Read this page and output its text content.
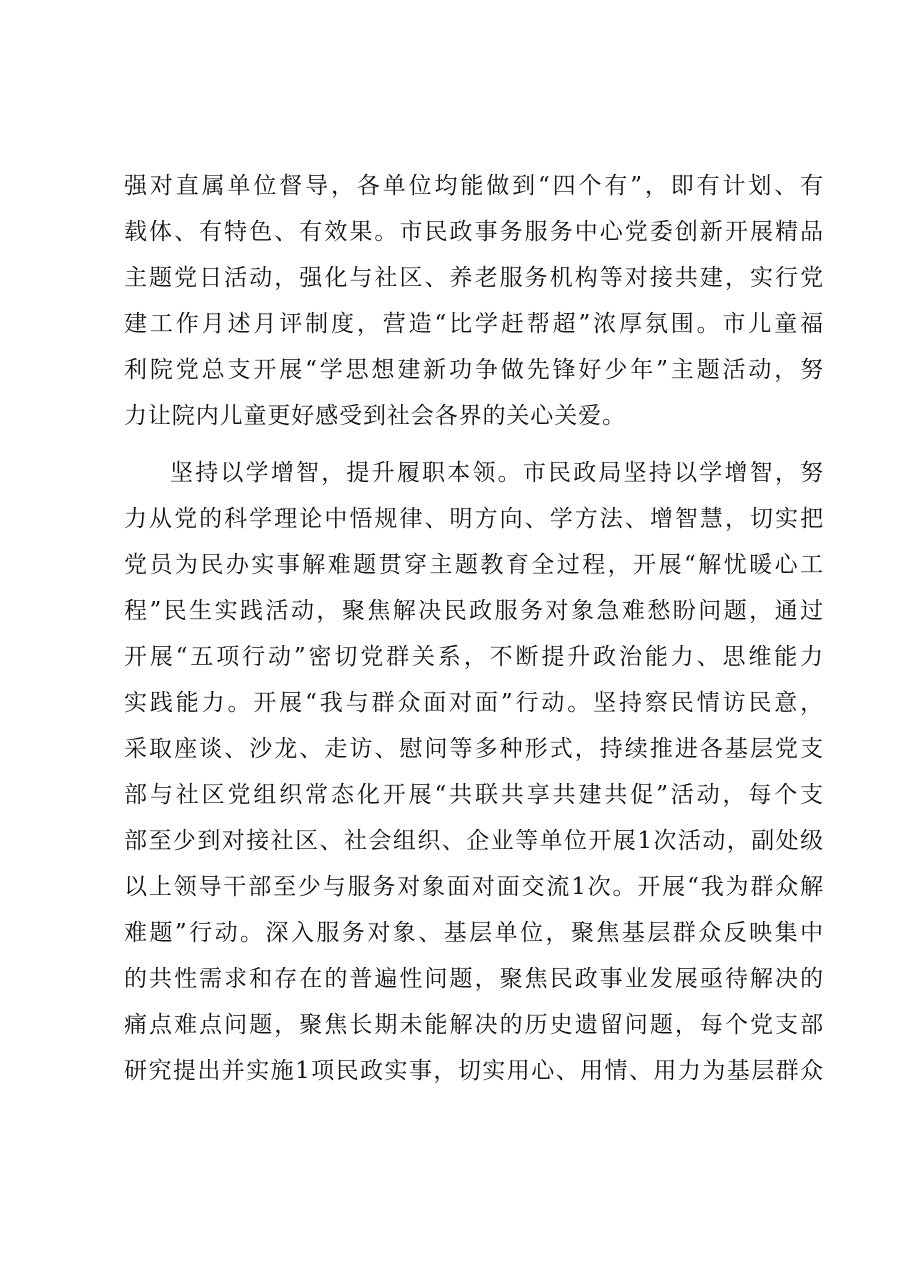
强对直属单位督导，各单位均能做到“四个有”，即有计划、有
载体、有特色、有效果。市民政事务服务中心党委创新开展精品
主题党日活动，强化与社区、养老服务机构等对接共建，实行党
建工作月述月评制度，营造“比学赶帮超”浓厚氛围。市儿童福
利院党总支开展“学思想建新功争做先锋好少年”主题活动，努
力让院内儿童更好感受到社会各界的关心关爱。
坚持以学增智，提升履职本领。市民政局坚持以学增智，努
力从党的科学理论中悟规律、明方向、学方法、增智慧，切实把
党员为民办实事解难题贯穿主题教育全过程，开展“解忧暖心工
程”民生实践活动，聚焦解决民政服务对象急难愁盼问题，通过
开展“五项行动”密切党群关系，不断提升政治能力、思维能力
实践能力。开展“我与群众面对面”行动。坚持察民情访民意，
采取座谈、沙龙、走访、慰问等多种形式，持续推进各基层党支
部与社区党组织常态化开展“共联共享共建共促”活动，每个支
部至少到对接社区、社会组织、企业等单位开展1次活动，副处级
以上领导干部至少与服务对象面对面交流1次。开展“我为群众解
难题”行动。深入服务对象、基层单位，聚焦基层群众反映集中
的共性需求和存在的普遍性问题，聚焦民政事业发展亟待解决的
痛点难点问题，聚焦长期未能解决的历史遗留问题，每个党支部
研究提出并实施1项民政实事，切实用心、用情、用力为基层群众
